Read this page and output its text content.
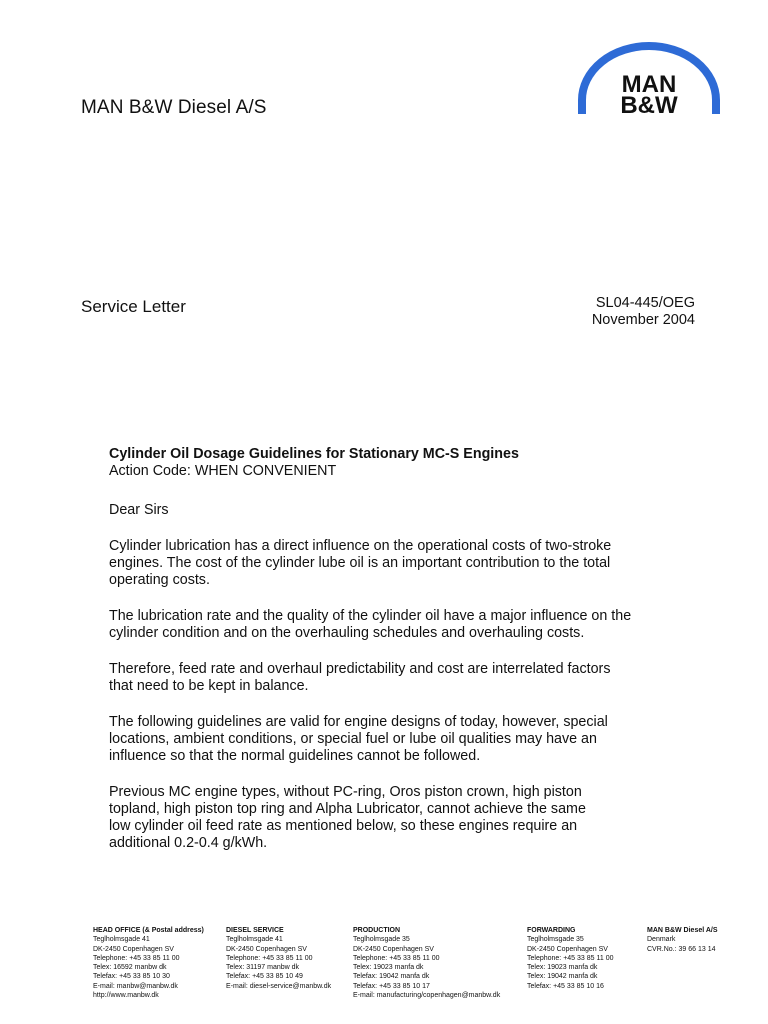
MAN B&W Diesel A/S
MAN
B&W
Service Letter	SL04-445/OEG
November 2004
Cylinder Oil Dosage Guidelines for Stationary MC-S Engines
Action Code: WHEN CONVENIENT
Dear Sirs
Cylinder lubrication has a direct influence on the operational costs of two-stroke
engines. The cost of the cylinder lube oil is an important contribution to the total
operating costs.
The lubrication rate and the quality of the cylinder oil have a major influence on the
cylinder condition and on the overhauling schedules and overhauling costs.
Therefore, feed rate and overhaul predictability and cost are interrelated factors
that need to be kept in balance.
The following guidelines are valid for engine designs of today, however, special
locations, ambient conditions, or special fuel or lube oil qualities may have an
influence so that the normal guidelines cannot be followed.
Previous MC engine types, without PC-ring, Oros piston crown, high piston
topland, high piston top ring and Alpha Lubricator, cannot achieve the same
low cylinder oil feed rate as mentioned below, so these engines require an
additional 0.2-0.4 g/kWh.
HEAD OFFICE (& Postal address)
Teglholmsgade 41
DK-2450 Copenhagen SV
Telephone: +45 33 85 11 00
Telex: 16592 manbw dk
Telefax: +45 33 85 10 30
E-mail: manbw@manbw.dk
http://www.manbw.dk
DIESEL SERVICE
Teglholmsgade 41
DK-2450 Copenhagen SV
Telephone: +45 33 85 11 00
Telex: 31197 manbw dk
Telefax: +45 33 85 10 49
E-mail: diesel-service@manbw.dk
PRODUCTION
Teglholmsgade 35
DK-2450 Copenhagen SV
Telephone: +45 33 85 11 00
Telex: 19023 manfa dk
Telefax: 19042 manfa dk
Telefax: +45 33 85 10 17
E-mail: manufacturing/copenhagen@manbw.dk
FORWARDING
Teglholmsgade 35
DK-2450 Copenhagen SV
Telephone: +45 33 85 11 00
Telex: 19023 manfa dk
Telex: 19042 manfa dk
Telefax: +45 33 85 10 16
MAN B&W Diesel A/S
Denmark
CVR.No.: 39 66 13 14
